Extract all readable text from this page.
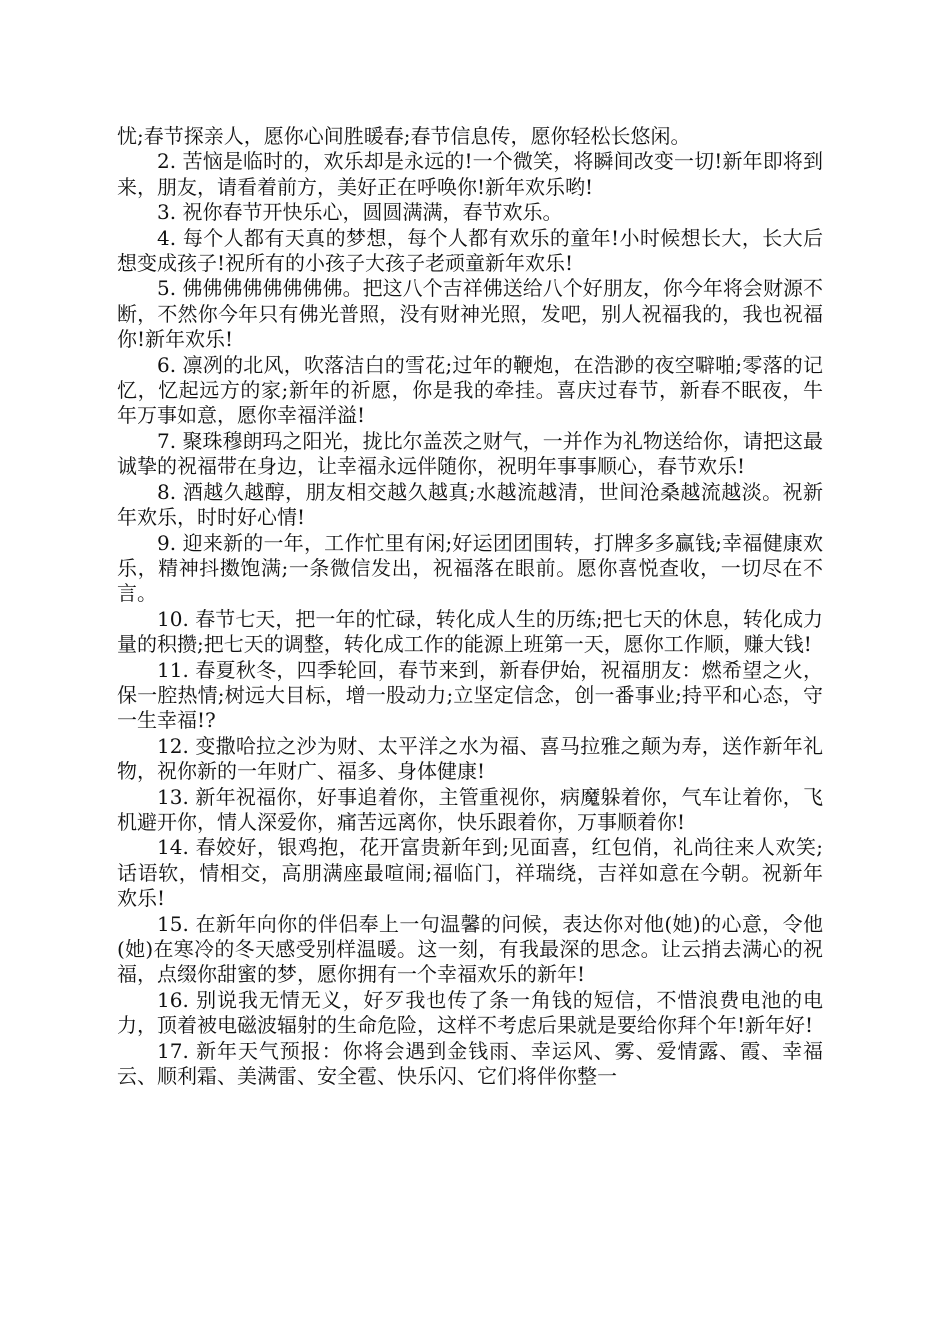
忧;春节探亲人，愿你心间胜暖春;春节信息传，愿你轻松长悠闲。

2. 苦恼是临时的，欢乐却是永远的!一个微笑，将瞬间改变一切!新年即将到来，朋友，请看着前方，美好正在呼唤你!新年欢乐哟!

3. 祝你春节开快乐心，圆圆满满，春节欢乐。

4. 每个人都有天真的梦想，每个人都有欢乐的童年!小时候想长大，长大后想变成孩子!祝所有的小孩子大孩子老顽童新年欢乐!

5. 佛佛佛佛佛佛佛佛。把这八个吉祥佛送给八个好朋友，你今年将会财源不断，不然你今年只有佛光普照，没有财神光照，发吧，别人祝福我的，我也祝福你!新年欢乐!

6. 凛冽的北风，吹落洁白的雪花;过年的鞭炮，在浩渺的夜空噼啪;零落的记忆，忆起远方的家;新年的祈愿，你是我的牵挂。喜庆过春节，新春不眠夜，牛年万事如意，愿你幸福洋溢!

7. 聚珠穆朗玛之阳光，拢比尔盖茨之财气，一并作为礼物送给你，请把这最诚挚的祝福带在身边，让幸福永远伴随你，祝明年事事顺心，春节欢乐!

8. 酒越久越醇，朋友相交越久越真;水越流越清，世间沧桑越流越淡。祝新年欢乐，时时好心情!

9. 迎来新的一年，工作忙里有闲;好运团团围转，打牌多多赢钱;幸福健康欢乐，精神抖擞饱满;一条微信发出，祝福落在眼前。愿你喜悦查收，一切尽在不言。

10. 春节七天，把一年的忙碌，转化成人生的历练;把七天的休息，转化成力量的积攒;把七天的调整，转化成工作的能源上班第一天，愿你工作顺，赚大钱!

11. 春夏秋冬，四季轮回，春节来到，新春伊始，祝福朋友：燃希望之火，保一腔热情;树远大目标，增一股动力;立坚定信念，创一番事业;持平和心态，守一生幸福!?

12. 变撒哈拉之沙为财、太平洋之水为福、喜马拉雅之颠为寿，送作新年礼物，祝你新的一年财广、福多、身体健康!

13. 新年祝福你，好事追着你，主管重视你，病魔躲着你，气车让着你，飞机避开你，情人深爱你，痛苦远离你，快乐跟着你，万事顺着你!

14. 春姣好，银鸡抱，花开富贵新年到;见面喜，红包俏，礼尚往来人欢笑;话语软，情相交，高朋满座最喧闹;福临门，祥瑞绕，吉祥如意在今朝。祝新年欢乐!

15. 在新年向你的伴侣奉上一句温馨的问候，表达你对他(她)的心意，令他(她)在寒冷的冬天感受别样温暖。这一刻，有我最深的思念。让云捎去满心的祝福，点缀你甜蜜的梦，愿你拥有一个幸福欢乐的新年!

16. 别说我无情无义，好歹我也传了条一角钱的短信，不惜浪费电池的电力，顶着被电磁波辐射的生命危险，这样不考虑后果就是要给你拜个年!新年好!

17. 新年天气预报：你将会遇到金钱雨、幸运风、雾、爱情露、霞、幸福云、顺利霜、美满雷、安全雹、快乐闪、它们将伴你整一
